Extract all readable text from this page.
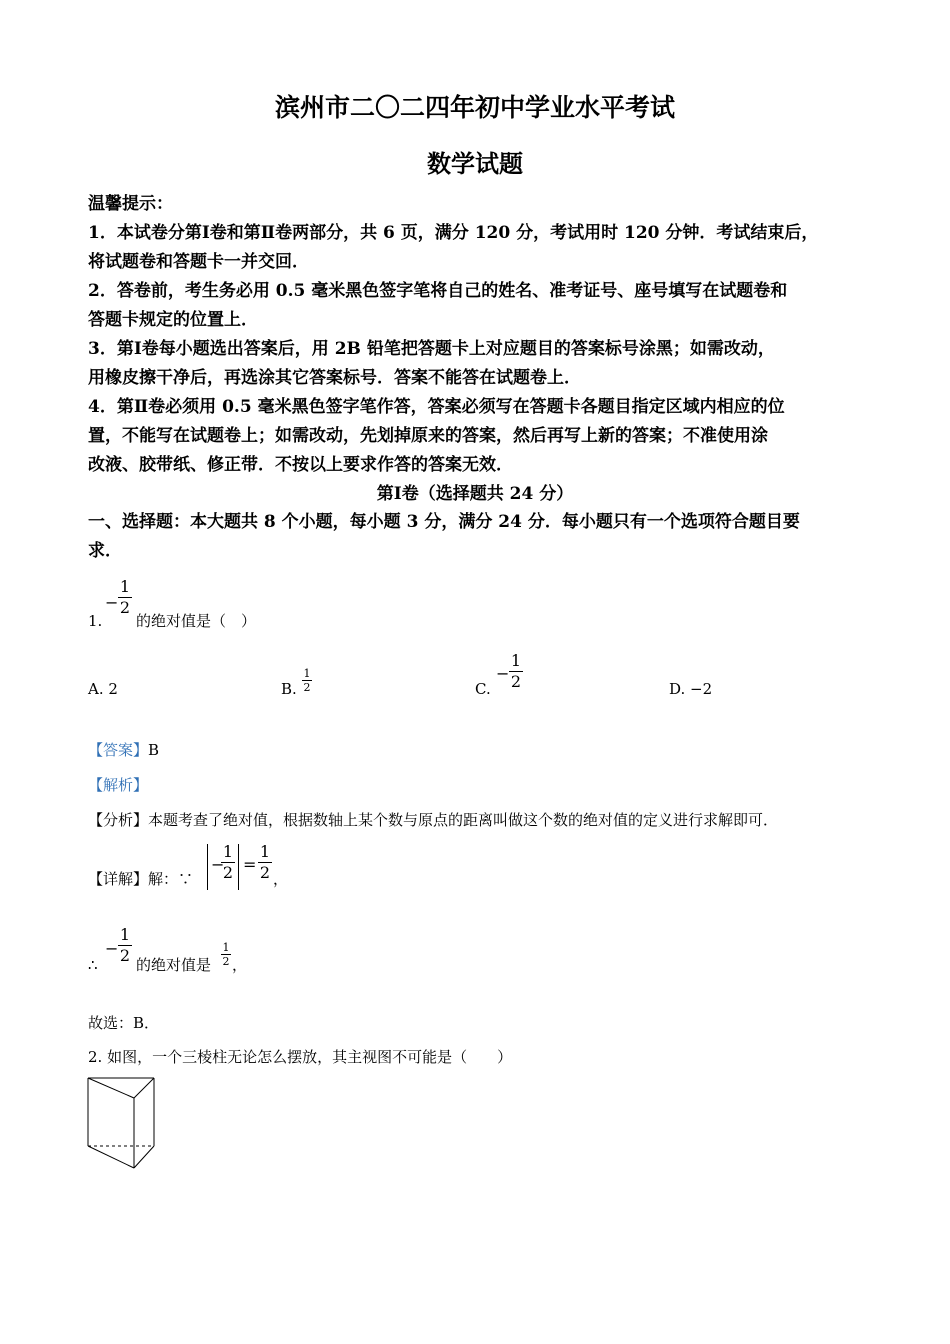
滨州市二〇二四年初中学业水平考试
数学试题
温馨提示：
1．本试卷分第Ⅰ卷和第Ⅱ卷两部分，共 6 页，满分 120 分，考试用时 120 分钟．考试结束后，
将试题卷和答题卡一并交回．
2．答卷前，考生务必用 0.5 毫米黑色签字笔将自己的姓名、准考证号、座号填写在试题卷和
答题卡规定的位置上．
3．第Ⅰ卷每小题选出答案后，用 2B 铅笔把答题卡上对应题目的答案标号涂黑；如需改动，
用橡皮擦干净后，再选涂其它答案标号．答案不能答在试题卷上．
4．第Ⅱ卷必须用 0.5 毫米黑色签字笔作答，答案必须写在答题卡各题目指定区域内相应的位
置，不能写在试题卷上；如需改动，先划掉原来的答案，然后再写上新的答案；不准使用涂
改液、胶带纸、修正带．不按以上要求作答的答案无效．
第Ⅰ卷（选择题共 24 分）
一、选择题：本大题共 8 个小题，每小题 3 分，满分 24 分．每小题只有一个选项符合题目要
求．
1.
−
1
2
的绝对值是（　）
A. 2	B.
1
2	C.
−
1
2	D. −2
【答案】B
【解析】
【分析】本题考查了绝对值，根据数轴上某个数与原点的距离叫做这个数的绝对值的定义进行求解即可．
【详解】解：∵
−
1
2 =
1
2 ，
∴
−
1
2 的绝对值是
1
2 ，
故选：B．
2. 如图，一个三棱柱无论怎么摆放，其主视图不可能是（　　）
